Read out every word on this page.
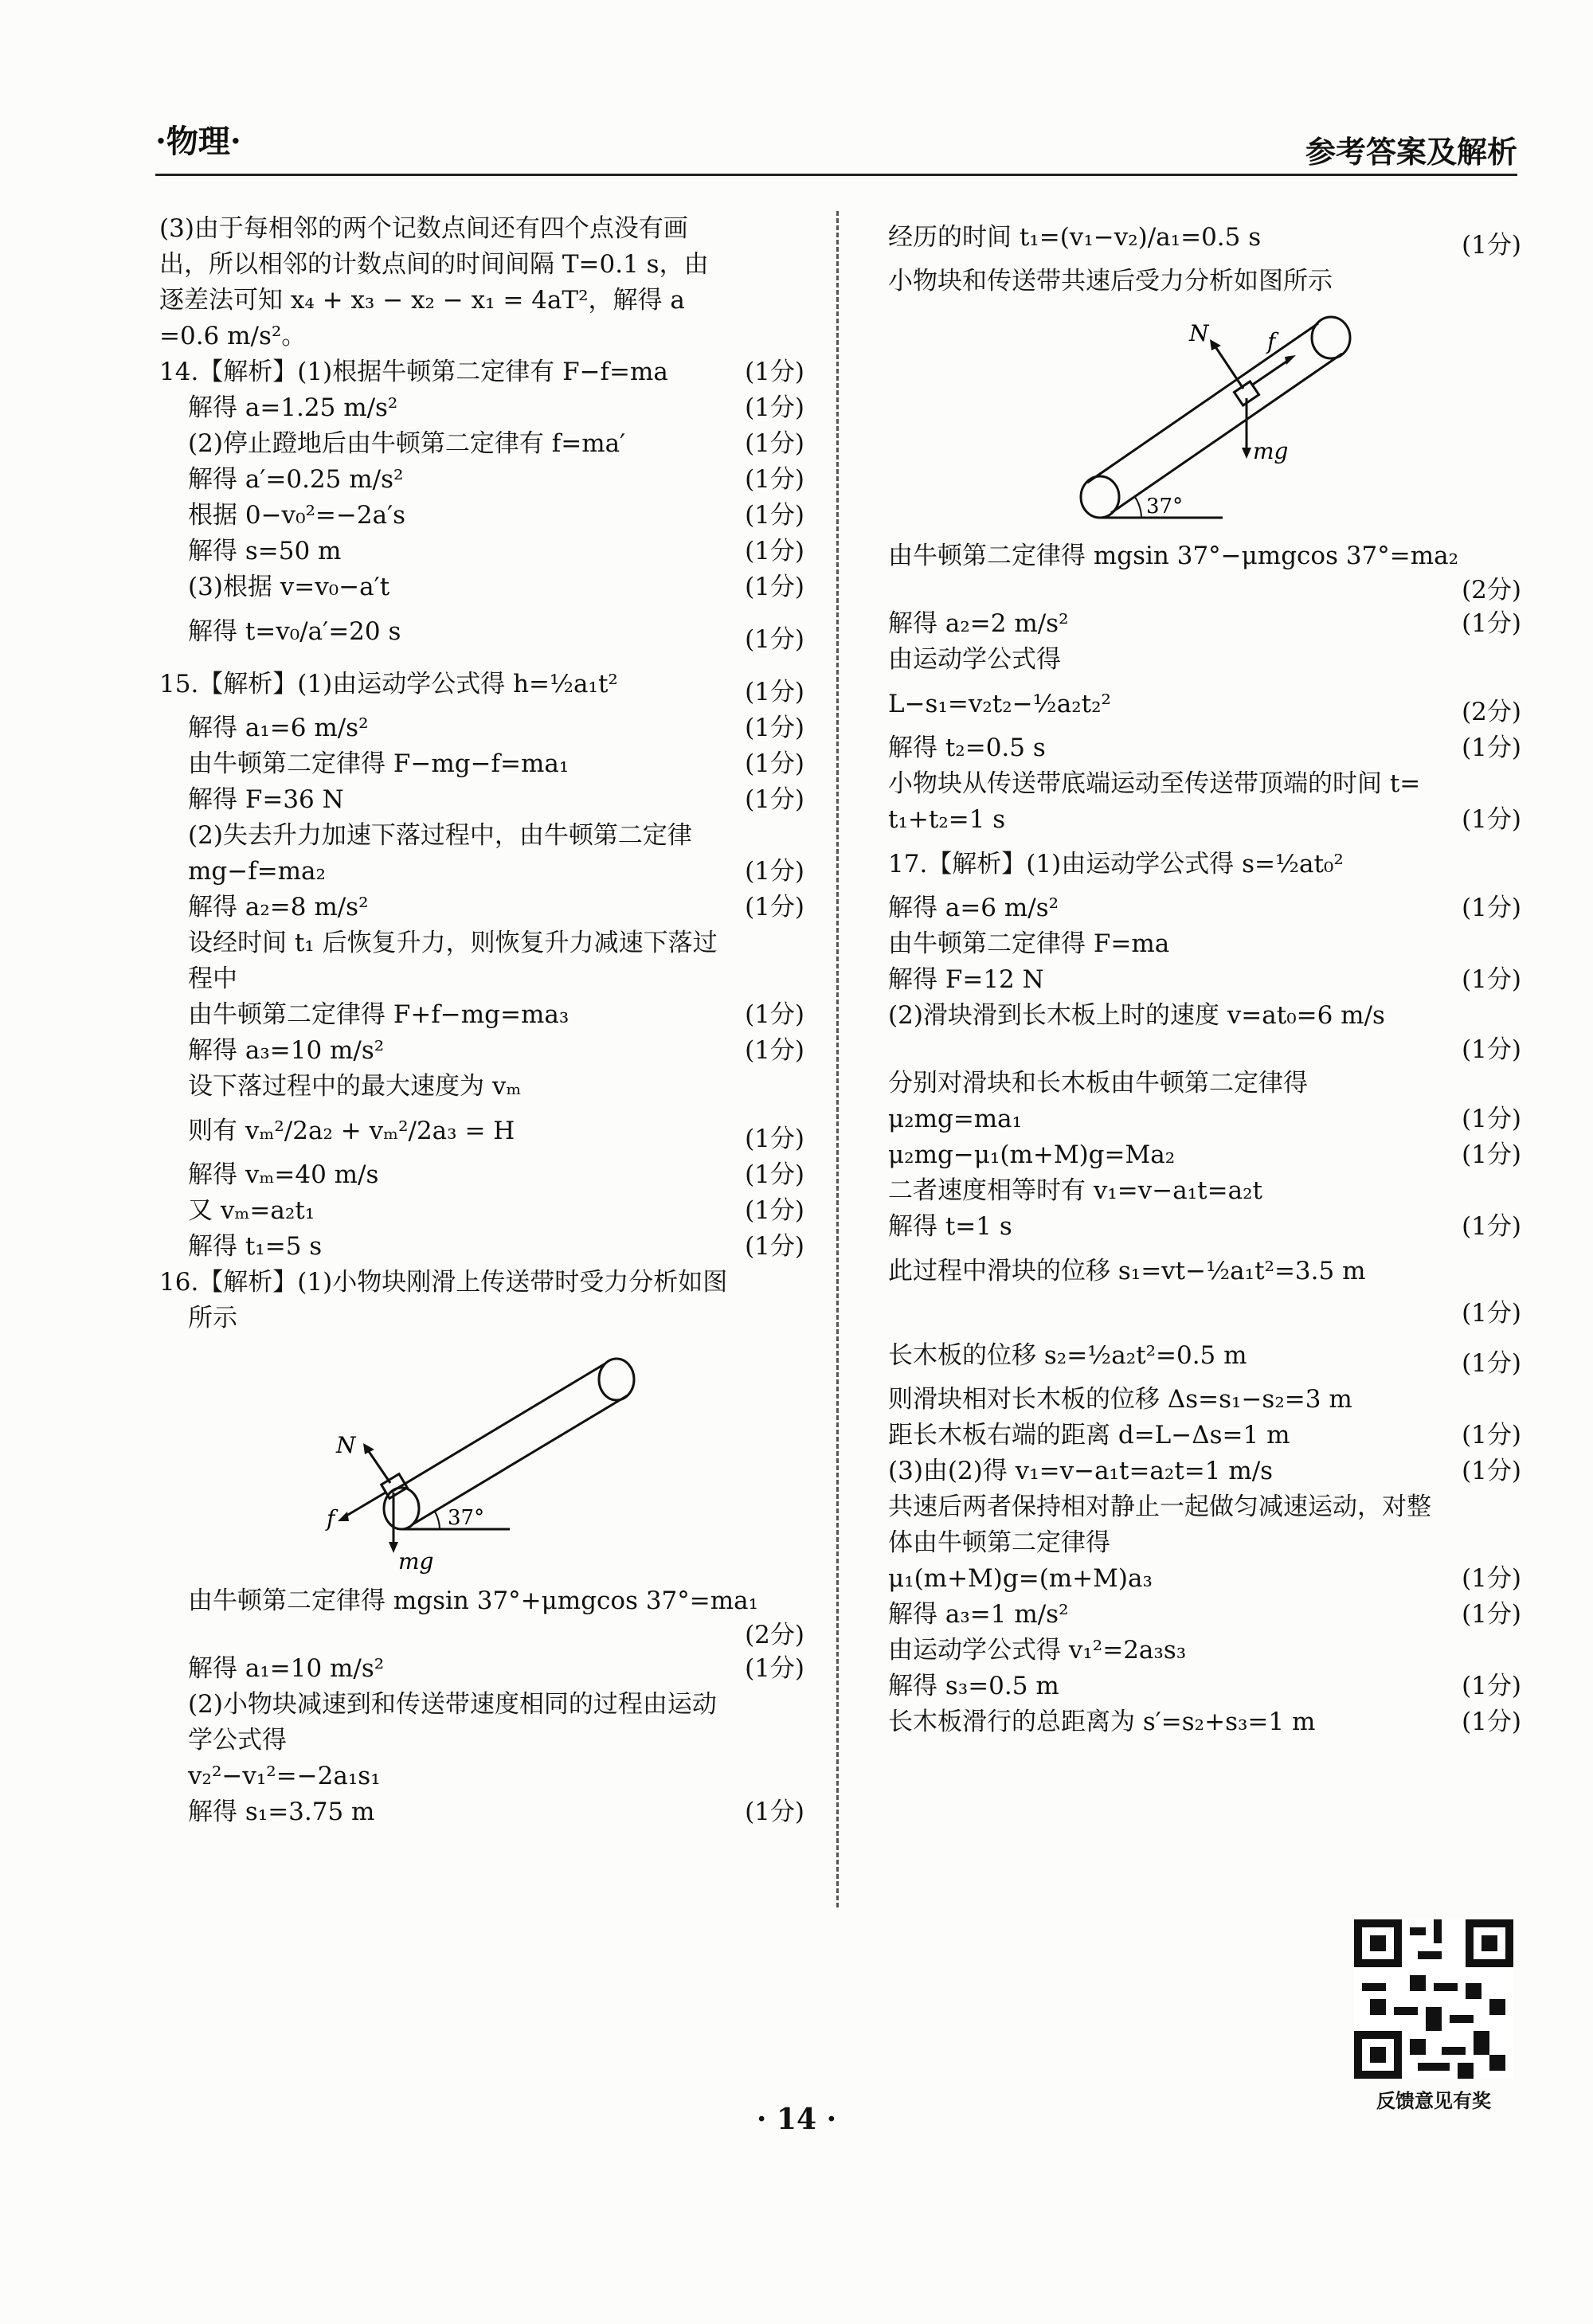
·物理·	参考答案及解析
(3)由于每相邻的两个记数点间还有四个点没有画
出，所以相邻的计数点间的时间间隔 T=0.1 s，由
逐差法可知 x₄ + x₃ − x₂ − x₁ = 4aT²，解得 a
=0.6 m/s²。
14.【解析】(1)根据牛顿第二定律有 F−f=ma	(1分)
解得 a=1.25 m/s²	(1分)
(2)停止蹬地后由牛顿第二定律有 f=ma′	(1分)
解得 a′=0.25 m/s²	(1分)
根据 0−v₀²=−2a′s	(1分)
解得 s=50 m	(1分)
(3)根据 v=v₀−a′t	(1分)
解得 t=v₀/a′=20 s	(1分)
15.【解析】(1)由运动学公式得 h=½a₁t²	(1分)
解得 a₁=6 m/s²	(1分)
由牛顿第二定律得 F−mg−f=ma₁	(1分)
解得 F=36 N	(1分)
(2)失去升力加速下落过程中，由牛顿第二定律
mg−f=ma₂	(1分)
解得 a₂=8 m/s²	(1分)
设经时间 t₁ 后恢复升力，则恢复升力减速下落过
程中
由牛顿第二定律得 F+f−mg=ma₃	(1分)
解得 a₃=10 m/s²	(1分)
设下落过程中的最大速度为 vₘ
则有 vₘ²/2a₂ + vₘ²/2a₃ = H	(1分)
解得 vₘ=40 m/s	(1分)
又 vₘ=a₂t₁	(1分)
解得 t₁=5 s	(1分)
16.【解析】(1)小物块刚滑上传送带时受力分析如图
所示
37°
N
f
mg
由牛顿第二定律得 mgsin 37°+μmgcos 37°=ma₁
(2分)
解得 a₁=10 m/s²	(1分)
(2)小物块减速到和传送带速度相同的过程由运动
学公式得
v₂²−v₁²=−2a₁s₁
解得 s₁=3.75 m	(1分)
经历的时间 t₁=(v₁−v₂)/a₁=0.5 s	(1分)
小物块和传送带共速后受力分析如图所示
37°
N	f
mg
由牛顿第二定律得 mgsin 37°−μmgcos 37°=ma₂
(2分)
解得 a₂=2 m/s²	(1分)
由运动学公式得
L−s₁=v₂t₂−½a₂t₂²	(2分)
解得 t₂=0.5 s	(1分)
小物块从传送带底端运动至传送带顶端的时间 t=
t₁+t₂=1 s	(1分)
17.【解析】(1)由运动学公式得 s=½at₀²
解得 a=6 m/s²	(1分)
由牛顿第二定律得 F=ma
解得 F=12 N	(1分)
(2)滑块滑到长木板上时的速度 v=at₀=6 m/s
(1分)
分别对滑块和长木板由牛顿第二定律得
μ₂mg=ma₁	(1分)
μ₂mg−μ₁(m+M)g=Ma₂	(1分)
二者速度相等时有 v₁=v−a₁t=a₂t
解得 t=1 s	(1分)
此过程中滑块的位移 s₁=vt−½a₁t²=3.5 m
(1分)
长木板的位移 s₂=½a₂t²=0.5 m	(1分)
则滑块相对长木板的位移 Δs=s₁−s₂=3 m
距长木板右端的距离 d=L−Δs=1 m	(1分)
(3)由(2)得 v₁=v−a₁t=a₂t=1 m/s	(1分)
共速后两者保持相对静止一起做匀减速运动，对整
体由牛顿第二定律得
μ₁(m+M)g=(m+M)a₃	(1分)
解得 a₃=1 m/s²	(1分)
由运动学公式得 v₁²=2a₃s₃
解得 s₃=0.5 m	(1分)
长木板滑行的总距离为 s′=s₂+s₃=1 m	(1分)
反馈意见有奖
· 14 ·
